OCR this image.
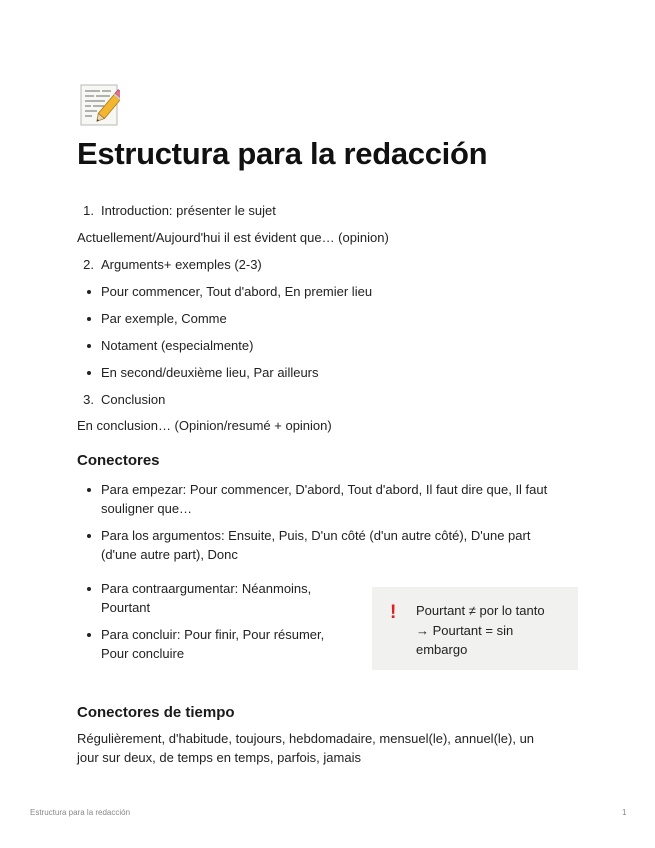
Estructura para la redacción
1. Introduction: présenter le sujet
Actuellement/Aujourd'hui il est évident que… (opinion)
2. Arguments+ exemples (2-3)
Pour commencer, Tout d'abord, En premier lieu
Par exemple, Comme
Notament (especialmente)
En second/deuxième lieu, Par ailleurs
3. Conclusion
En conclusion… (Opinion/resumé + opinion)
Conectores
Para empezar: Pour commencer, D'abord, Tout d'abord, Il faut dire que, Il faut
souligner que…
Para los argumentos: Ensuite, Puis, D'un côté (d'un autre côté), D'une part
(d'une autre part), Donc
Para contraargumentar: Néanmoins,
Pourtant
Para concluir: Pour finir, Pour résumer,
Pour concluire
! Pourtant ≠ por lo tanto
→ Pourtant = sin
embargo
Conectores de tiempo
Régulièrement, d'habitude, toujours, hebdomadaire, mensuel(le), annuel(le), un
jour sur deux, de temps en temps, parfois, jamais
Estructura para la redacción	1
